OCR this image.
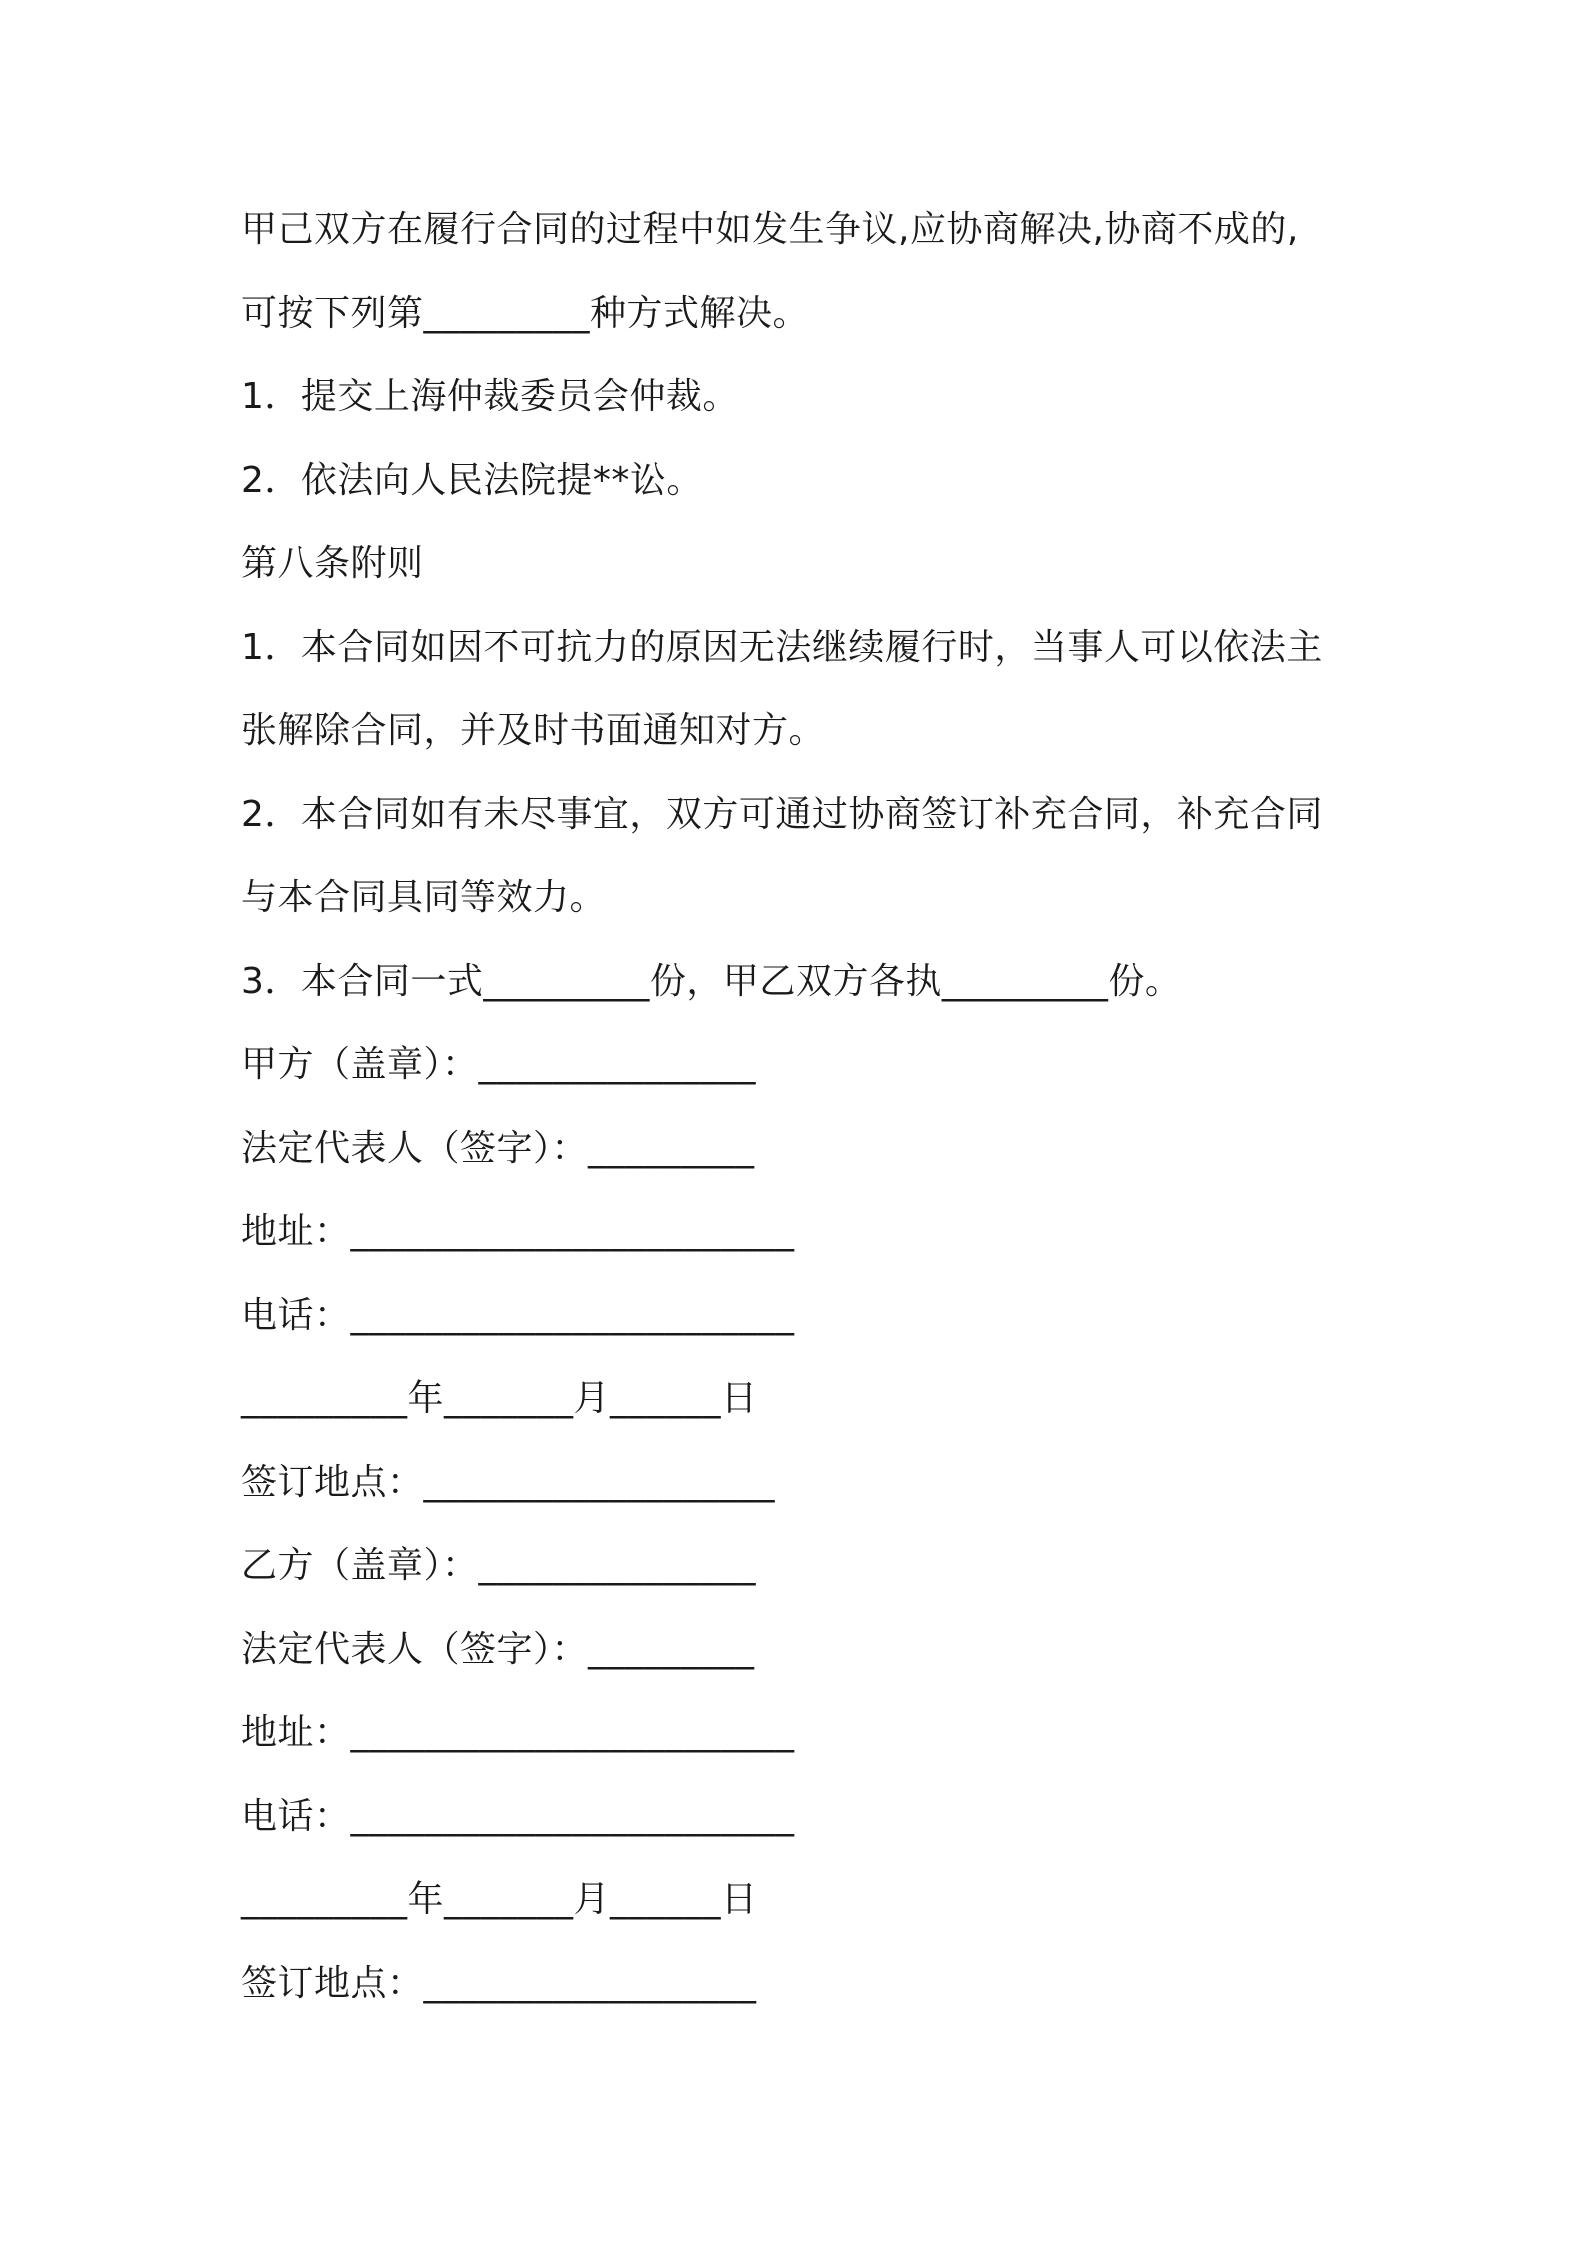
甲己双方在履行合同的过程中如发生争议,应协商解决,协商不成的,
可按下列第_________种方式解决。
1．提交上海仲裁委员会仲裁。
2．依法向人民法院提**讼。
第八条附则
1．本合同如因不可抗力的原因无法继续履行时，当事人可以依法主
张解除合同，并及时书面通知对方。
2．本合同如有未尽事宜，双方可通过协商签订补充合同，补充合同
与本合同具同等效力。
3．本合同一式_________份，甲乙双方各执_________份。
甲方（盖章）：_______________
法定代表人（签字）：_________
地址：________________________
电话：________________________
_________年_______月______日
签订地点：___________________
乙方（盖章）：_______________
法定代表人（签字）：_________
地址：________________________
电话：________________________
_________年_______月______日
签订地点：__________________
